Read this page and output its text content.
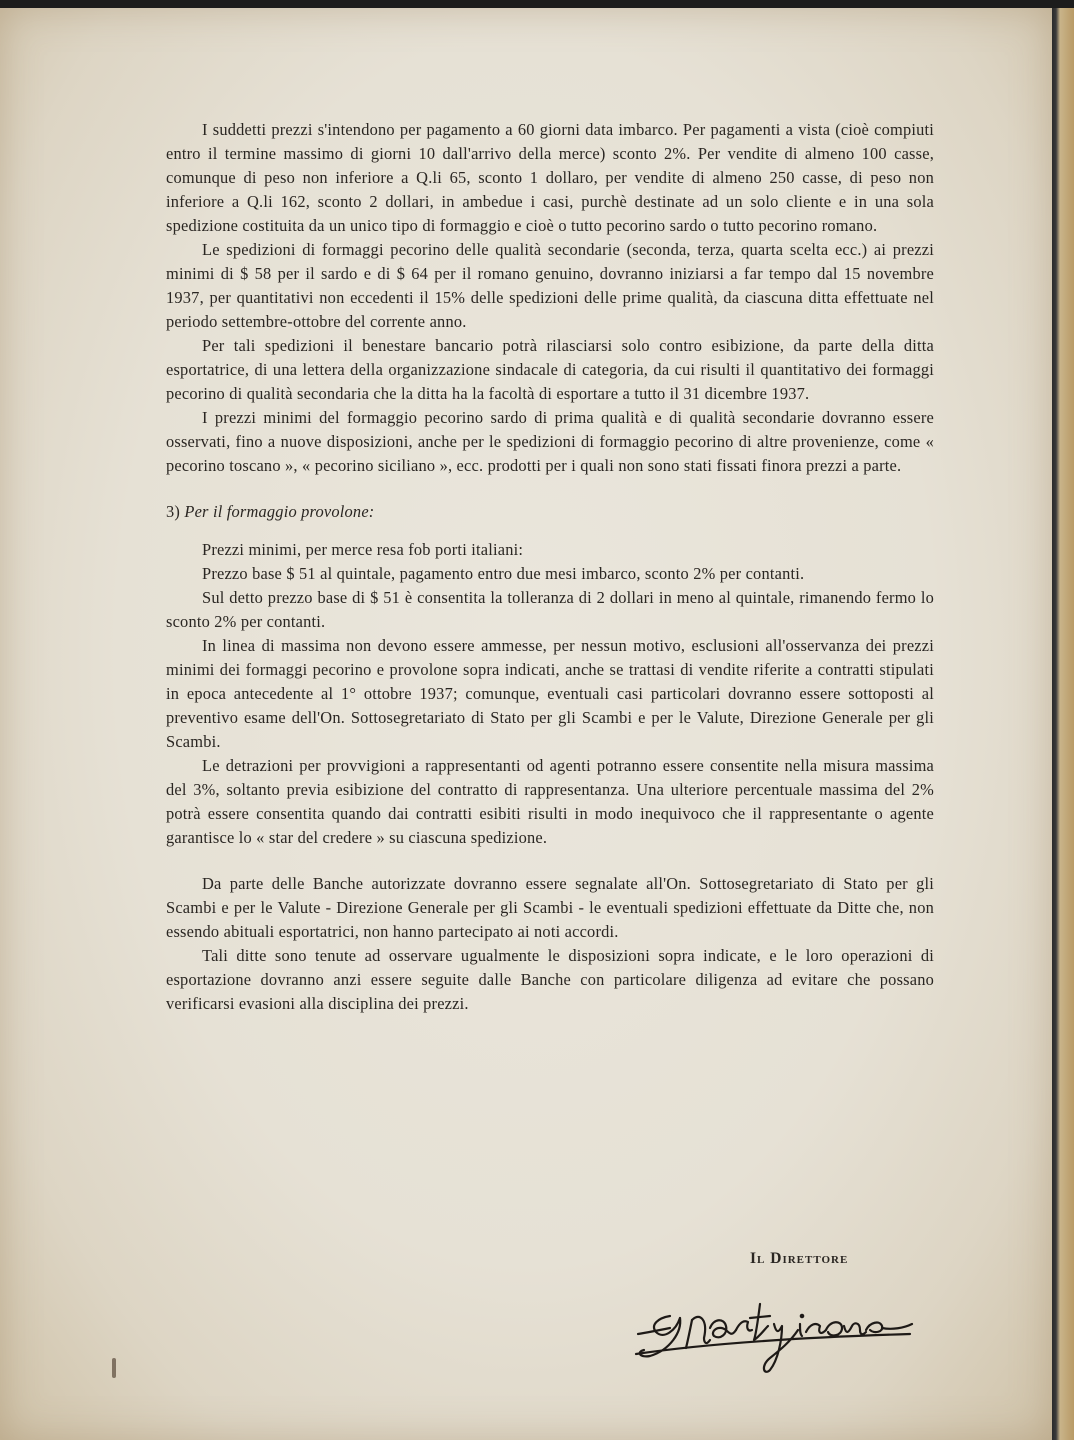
I suddetti prezzi s'intendono per pagamento a 60 giorni data imbarco. Per pagamenti a vista (cioè compiuti entro il termine massimo di giorni 10 dall'arrivo della merce) sconto 2%. Per vendite di almeno 100 casse, comunque di peso non inferiore a Q.li 65, sconto 1 dollaro, per vendite di almeno 250 casse, di peso non inferiore a Q.li 162, sconto 2 dollari, in ambedue i casi, purchè destinate ad un solo cliente e in una sola spedizione costituita da un unico tipo di formaggio e cioè o tutto pecorino sardo o tutto pecorino romano.

Le spedizioni di formaggi pecorino delle qualità secondarie (seconda, terza, quarta scelta ecc.) ai prezzi minimi di $ 58 per il sardo e di $ 64 per il romano genuino, dovranno iniziarsi a far tempo dal 15 novembre 1937, per quantitativi non eccedenti il 15% delle spedizioni delle prime qualità, da ciascuna ditta effettuate nel periodo settembre-ottobre del corrente anno.

Per tali spedizioni il benestare bancario potrà rilasciarsi solo contro esibizione, da parte della ditta esportatrice, di una lettera della organizzazione sindacale di categoria, da cui risulti il quantitativo dei formaggi pecorino di qualità secondaria che la ditta ha la facoltà di esportare a tutto il 31 dicembre 1937.

I prezzi minimi del formaggio pecorino sardo di prima qualità e di qualità secondarie dovranno essere osservati, fino a nuove disposizioni, anche per le spedizioni di formaggio pecorino di altre provenienze, come « pecorino toscano », « pecorino siciliano », ecc. prodotti per i quali non sono stati fissati finora prezzi a parte.

3) Per il formaggio provolone:

Prezzi minimi, per merce resa fob porti italiani:

Prezzo base $ 51 al quintale, pagamento entro due mesi imbarco, sconto 2% per contanti.

Sul detto prezzo base di $ 51 è consentita la tolleranza di 2 dollari in meno al quintale, rimanendo fermo lo sconto 2% per contanti.

In linea di massima non devono essere ammesse, per nessun motivo, esclusioni all'osservanza dei prezzi minimi dei formaggi pecorino e provolone sopra indicati, anche se trattasi di vendite riferite a contratti stipulati in epoca antecedente al 1° ottobre 1937; comunque, eventuali casi particolari dovranno essere sottoposti al preventivo esame dell'On. Sottosegretariato di Stato per gli Scambi e per le Valute, Direzione Generale per gli Scambi.

Le detrazioni per provvigioni a rappresentanti od agenti potranno essere consentite nella misura massima del 3%, soltanto previa esibizione del contratto di rappresentanza. Una ulteriore percentuale massima del 2% potrà essere consentita quando dai contratti esibiti risulti in modo inequivoco che il rappresentante o agente garantisce lo « star del credere » su ciascuna spedizione.

Da parte delle Banche autorizzate dovranno essere segnalate all'On. Sottosegretariato di Stato per gli Scambi e per le Valute - Direzione Generale per gli Scambi - le eventuali spedizioni effettuate da Ditte che, non essendo abituali esportatrici, non hanno partecipato ai noti accordi.

Tali ditte sono tenute ad osservare ugualmente le disposizioni sopra indicate, e le loro operazioni di esportazione dovranno anzi essere seguite dalle Banche con particolare diligenza ad evitare che possano verificarsi evasioni alla disciplina dei prezzi.

Il Direttore
